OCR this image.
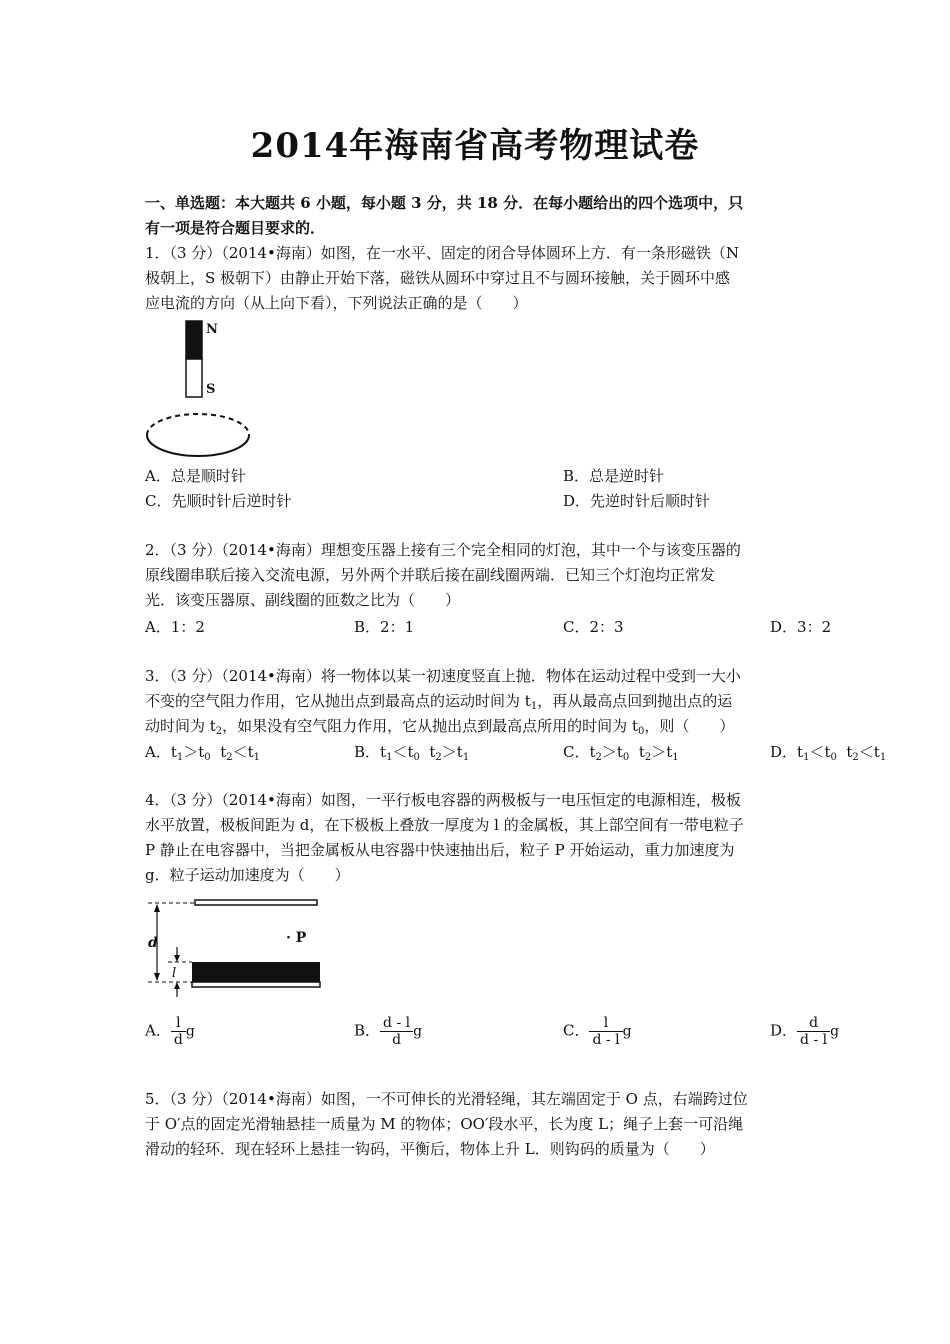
2014年海南省高考物理试卷
一、单选题：本大题共 6 小题，每小题 3 分，共 18 分．在每小题给出的四个选项中，只
有一项是符合题目要求的．
1．（3 分）（2014•海南）如图，在一水平、固定的闭合导体圆环上方．有一条形磁铁（N
极朝上，S 极朝下）由静止开始下落，磁铁从圆环中穿过且不与圆环接触，关于圆环中感
应电流的方向（从上向下看），下列说法正确的是（　　）
N
S
A．总是顺时针	B．总是逆时针
C．先顺时针后逆时针	D．先逆时针后顺时针
2．（3 分）（2014•海南）理想变压器上接有三个完全相同的灯泡，其中一个与该变压器的
原线圈串联后接入交流电源，另外两个并联后接在副线圈两端．已知三个灯泡均正常发
光．该变压器原、副线圈的匝数之比为（　　）
A．1：2	B．2：1	C．2：3	D．3：2
3．（3 分）（2014•海南）将一物体以某一初速度竖直上抛．物体在运动过程中受到一大小
不变的空气阻力作用，它从抛出点到最高点的运动时间为 $t_1$，再从最高点回到抛出点的运
动时间为 $t_2$，如果没有空气阻力作用，它从抛出点到最高点所用的时间为 $t_0$，则（　　）
A．$t_1>t_0$ $t_2<t_1$	B．$t_1<t_0$ $t_2>t_1$	C．$t_2>t_0$ $t_2>t_1$	D．$t_1<t_0$ $t_2<t_1$
4．（3 分）（2014•海南）如图，一平行板电容器的两极板与一电压恒定的电源相连，极板
水平放置，极板间距为 d，在下极板上叠放一厚度为 l 的金属板，其上部空间有一带电粒子
P 静止在电容器中，当把金属板从电容器中快速抽出后，粒子 P 开始运动，重力加速度为
g．粒子运动加速度为（　　）
d
l
· P
A． $\frac{l}{d}$ g	B． $\frac{d - l}{d}$ g	C． $\frac{l}{d - l}$ g	D． $\frac{d}{d - l}$ g
5．（3 分）（2014•海南）如图，一不可伸长的光滑轻绳，其左端固定于 O 点，右端跨过位
于 O′点的固定光滑轴悬挂一质量为 M 的物体；OO′段水平，长为度 L；绳子上套一可沿绳
滑动的轻环．现在轻环上悬挂一钩码，平衡后，物体上升 L．则钩码的质量为（　　）
